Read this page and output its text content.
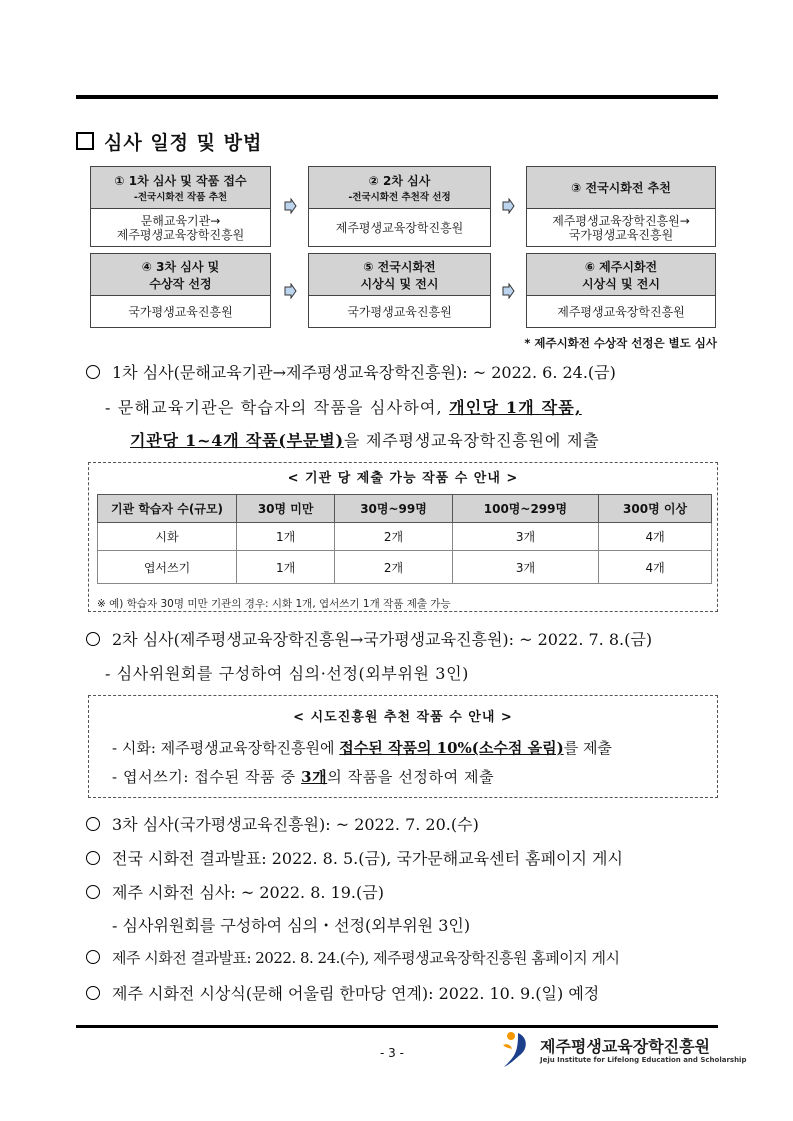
심사 일정 및 방법
① 1차 심사 및 작품 접수
-전국시화전 작품 추천
문해교육기관→
제주평생교육장학진흥원
② 2차 심사
-전국시화전 추천작 선정
제주평생교육장학진흥원
③ 전국시화전 추천
제주평생교육장학진흥원→
국가평생교육진흥원
④ 3차 심사 및
수상작 선정
국가평생교육진흥원
⑤ 전국시화전
시상식 및 전시
국가평생교육진흥원
⑥ 제주시화전
시상식 및 전시
제주평생교육장학진흥원
* 제주시화전 수상작 선정은 별도 심사
1차 심사(문해교육기관→제주평생교육장학진흥원): ~ 2022. 6. 24.(금)
- 문해교육기관은 학습자의 작품을 심사하여, 개인당 1개 작품,
기관당 1~4개 작품(부문별)을 제주평생교육장학진흥원에 제출
< 기관 당 제출 가능 작품 수 안내 >
기관 학습자 수(규모)	30명 미만	30명~99명	100명~299명	300명 이상
시화	1개	2개	3개	4개
엽서쓰기	1개	2개	3개	4개
※ 예) 학습자 30명 미만 기관의 경우: 시화 1개, 엽서쓰기 1개 작품 제출 가능
2차 심사(제주평생교육장학진흥원→국가평생교육진흥원): ~ 2022. 7. 8.(금)
- 심사위원회를 구성하여 심의·선정(외부위원 3인)
< 시도진흥원 추천 작품 수 안내 >
- 시화: 제주평생교육장학진흥원에 접수된 작품의 10%(소수점 올림)를 제출
- 엽서쓰기: 접수된 작품 중 3개의 작품을 선정하여 제출
3차 심사(국가평생교육진흥원): ~ 2022. 7. 20.(수)
전국 시화전 결과발표: 2022. 8. 5.(금), 국가문해교육센터 홈페이지 게시
제주 시화전 심사: ~ 2022. 8. 19.(금)
- 심사위원회를 구성하여 심의・선정(외부위원 3인)
제주 시화전 결과발표: 2022. 8. 24.(수), 제주평생교육장학진흥원 홈페이지 게시
제주 시화전 시상식(문해 어울림 한마당 연계): 2022. 10. 9.(일) 예정
- 3 -	제주평생교육장학진흥원
Jeju Institute for Lifelong Education and Scholarship
